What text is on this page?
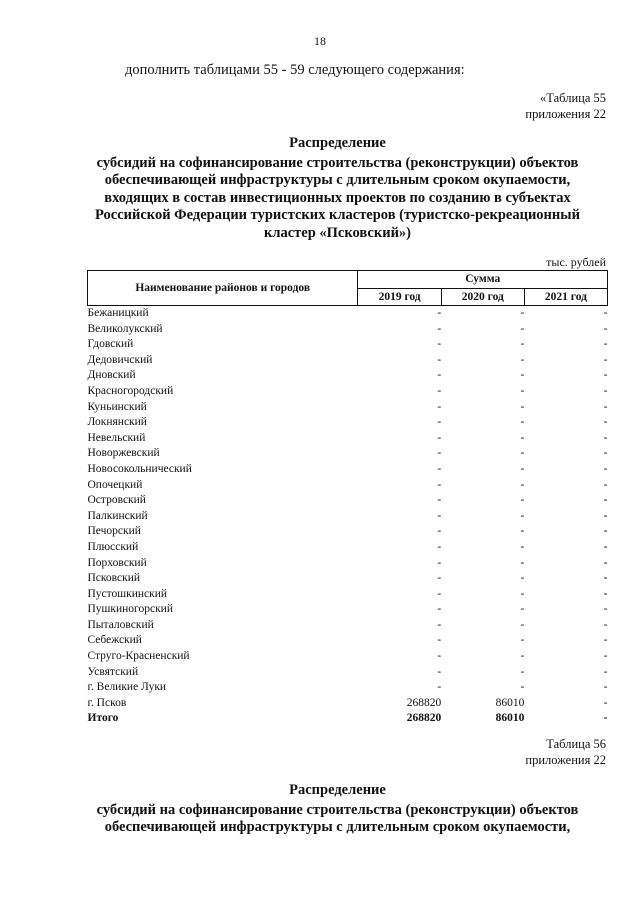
18
дополнить таблицами 55 - 59 следующего содержания:
«Таблица 55
приложения 22
Распределение
субсидий на софинансирование строительства (реконструкции) объектов
обеспечивающей инфраструктуры с длительным сроком окупаемости,
входящих в состав инвестиционных проектов по созданию в субъектах
Российской Федерации туристских кластеров (туристско-рекреационный
кластер «Псковский»)
тыс. рублей
Наименование районов и городов	Сумма		
	2019 год	2020 год	2021 год
Бежаницкий	-	-	-
Великолукский	-	-	-
Гдовский	-	-	-
Дедовичский	-	-	-
Дновский	-	-	-
Красногородский	-	-	-
Куньинский	-	-	-
Локнянский	-	-	-
Невельский	-	-	-
Новоржевский	-	-	-
Новосокольнический	-	-	-
Опочецкий	-	-	-
Островский	-	-	-
Палкинский	-	-	-
Печорский	-	-	-
Плюсский	-	-	-
Порховский	-	-	-
Псковский	-	-	-
Пустошкинский	-	-	-
Пушкиногорский	-	-	-
Пыталовский	-	-	-
Себежский	-	-	-
Струго-Красненский	-	-	-
Усвятский	-	-	-
г. Великие Луки	-	-	-
г. Псков	268820	86010	-
Итого	268820	86010	-
Таблица 56
приложения 22
Распределение
субсидий на софинансирование строительства (реконструкции) объектов
обеспечивающей инфраструктуры с длительным сроком окупаемости,
